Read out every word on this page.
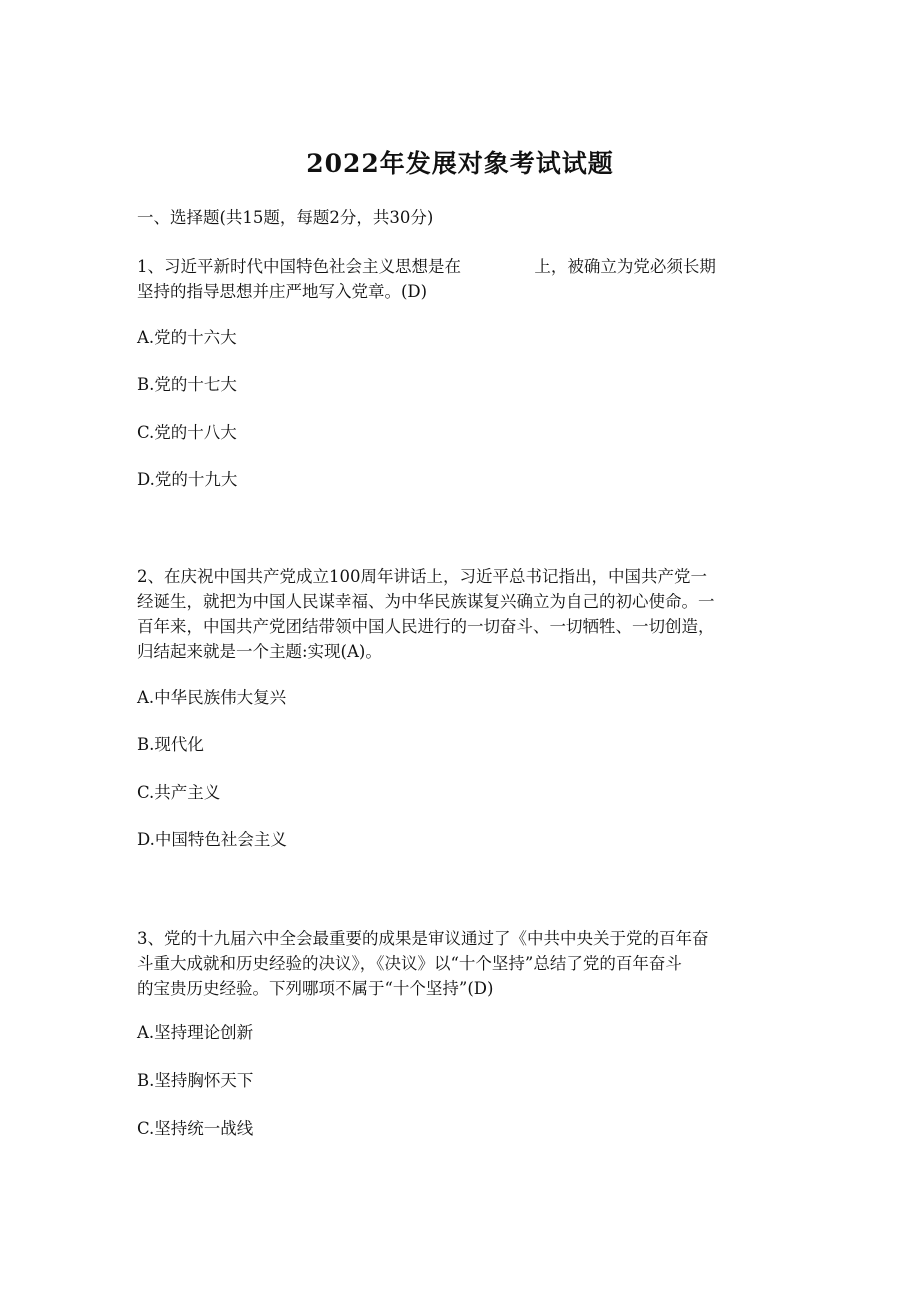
2022年发展对象考试试题
一、选择题(共15题，每题2分，共30分)
1、习近平新时代中国特色社会主义思想是在              上，被确立为党必须长期
坚持的指导思想并庄严地写入党章。(D)
A.党的十六大
B.党的十七大
C.党的十八大
D.党的十九大
2、在庆祝中国共产党成立100周年讲话上，习近平总书记指出，中国共产党一
经诞生，就把为中国人民谋幸福、为中华民族谋复兴确立为自己的初心使命。一
百年来，中国共产党团结带领中国人民进行的一切奋斗、一切牺牲、一切创造，
归结起来就是一个主题:实现(A)。
A.中华民族伟大复兴
B.现代化
C.共产主义
D.中国特色社会主义
3、党的十九届六中全会最重要的成果是审议通过了《中共中央关于党的百年奋
斗重大成就和历史经验的决议》，《决议》以“十个坚持”总结了党的百年奋斗
的宝贵历史经验。下列哪项不属于“十个坚持”(D)
A.坚持理论创新
B.坚持胸怀天下
C.坚持统一战线
